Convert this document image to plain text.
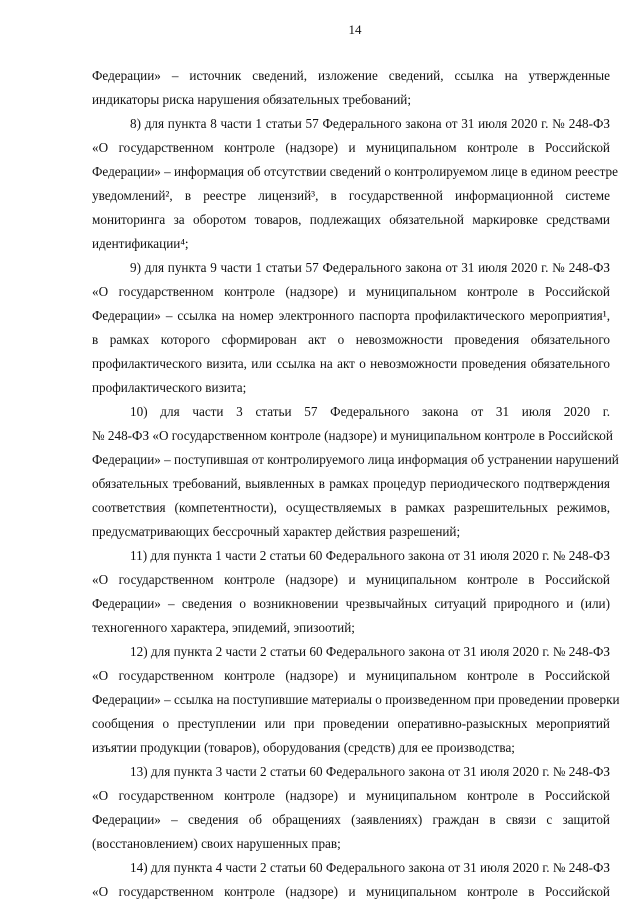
14

Федерации» – источник сведений, изложение сведений, ссылка на утвержденные
индикаторы риска нарушения обязательных требований;

8) для пункта 8 части 1 статьи 57 Федерального закона от 31 июля 2020 г. № 248-ФЗ
«О государственном контроле (надзоре) и муниципальном контроле в Российской
Федерации» – информация об отсутствии сведений о контролируемом лице в едином реестре
уведомлений², в реестре лицензий³, в государственной информационной системе
мониторинга за оборотом товаров, подлежащих обязательной маркировке средствами
идентификации⁴;

9) для пункта 9 части 1 статьи 57 Федерального закона от 31 июля 2020 г. № 248-ФЗ
«О государственном контроле (надзоре) и муниципальном контроле в Российской
Федерации» – ссылка на номер электронного паспорта профилактического мероприятия¹,
в рамках которого сформирован акт о невозможности проведения обязательного
профилактического визита, или ссылка на акт о невозможности проведения обязательного
профилактического визита;

10) для части 3 статьи 57 Федерального закона от 31 июля 2020 г.
№ 248-ФЗ «О государственном контроле (надзоре) и муниципальном контроле в Российской
Федерации» – поступившая от контролируемого лица информация об устранении нарушений
обязательных требований, выявленных в рамках процедур периодического подтверждения
соответствия (компетентности), осуществляемых в рамках разрешительных режимов,
предусматривающих бессрочный характер действия разрешений;

11) для пункта 1 части 2 статьи 60 Федерального закона от 31 июля 2020 г. № 248-ФЗ
«О государственном контроле (надзоре) и муниципальном контроле в Российской
Федерации» – сведения о возникновении чрезвычайных ситуаций природного и (или)
техногенного характера, эпидемий, эпизоотий;

12) для пункта 2 части 2 статьи 60 Федерального закона от 31 июля 2020 г. № 248-ФЗ
«О государственном контроле (надзоре) и муниципальном контроле в Российской
Федерации» – ссылка на поступившие материалы о произведенном при проведении проверки
сообщения о преступлении или при проведении оперативно-разыскных мероприятий
изъятии продукции (товаров), оборудования (средств) для ее производства;

13) для пункта 3 части 2 статьи 60 Федерального закона от 31 июля 2020 г. № 248-ФЗ
«О государственном контроле (надзоре) и муниципальном контроле в Российской
Федерации» – сведения об обращениях (заявлениях) граждан в связи с защитой
(восстановлением) своих нарушенных прав;

14) для пункта 4 части 2 статьи 60 Федерального закона от 31 июля 2020 г. № 248-ФЗ
«О государственном контроле (надзоре) и муниципальном контроле в Российской
